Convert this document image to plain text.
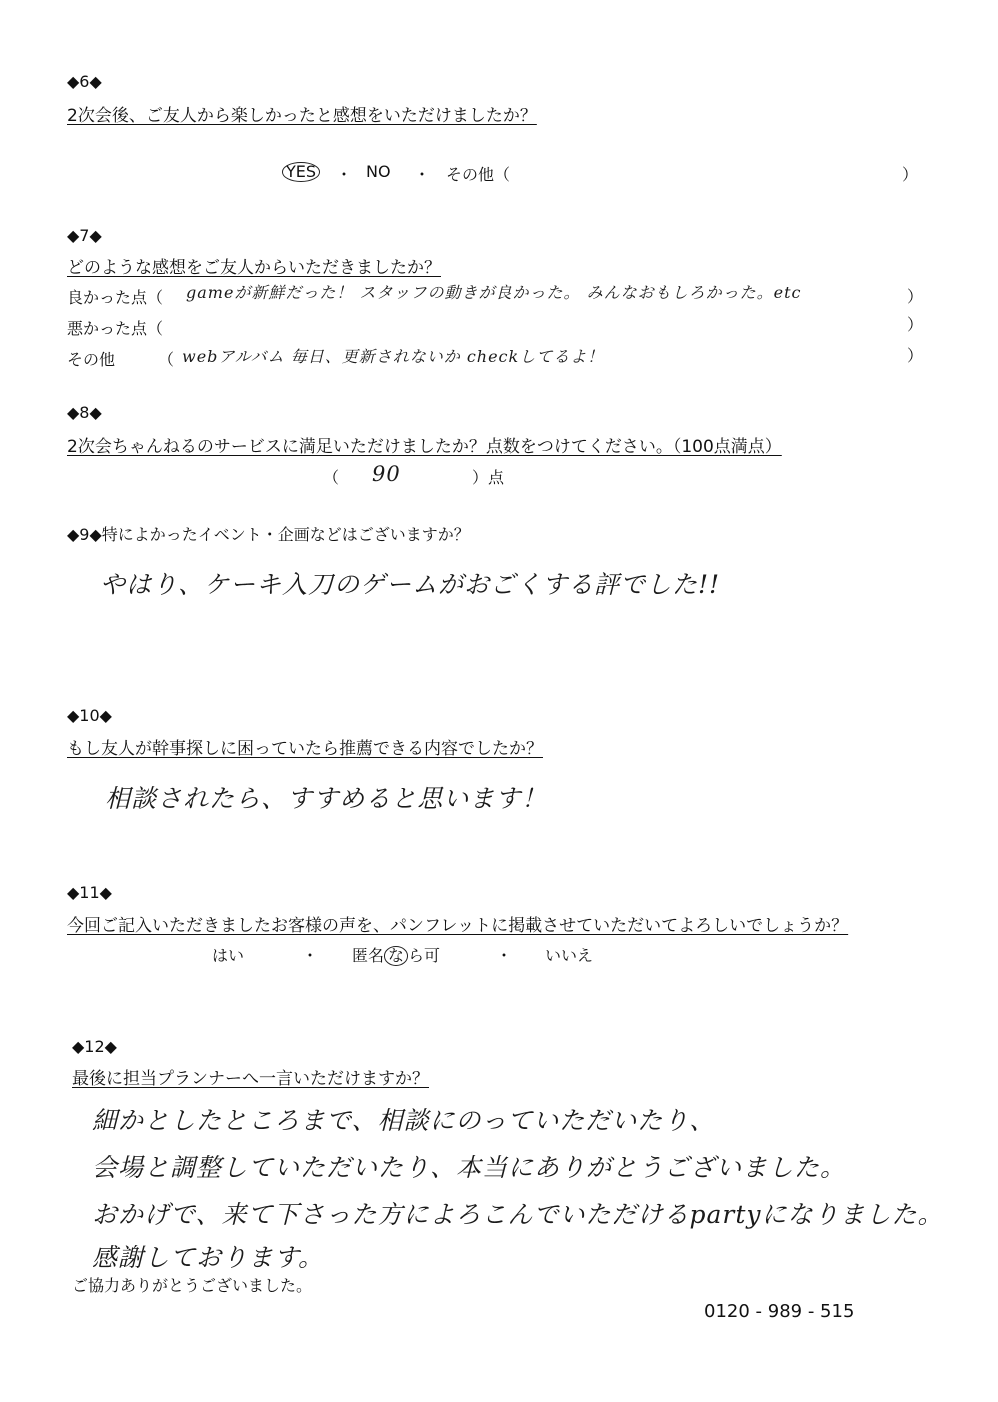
◆6◆
2次会後、ご友人から楽しかったと感想をいただけましたか？
YES ・ NO ・ その他（	）
◆7◆
どのような感想をご友人からいただきましたか？
良かった点（ gameが新鮮だった！ スタッフの動きが良かった。 みんなおもしろかった。etc	）
悪かった点（	）
その他	（ webアルバム 毎日、更新されないか checkしてるよ！	）
◆8◆
2次会ちゃんねるのサービスに満足いただけましたか？点数をつけてください。（100点満点）
（ 90	）点
◆9◆特によかったイベント・企画などはございますか？
やはり、ケーキ入刀のゲームがおごくする評でした!!
◆10◆
もし友人が幹事探しに困っていたら推薦できる内容でしたか？
相談されたら、すすめると思います！
◆11◆
今回ご記入いただきましたお客様の声を、パンフレットに掲載させていただいてよろしいでしょうか？
はい	・ 匿名 な ら可	・ いいえ
◆12◆
最後に担当プランナーへ一言いただけますか？
細かとしたところまで、相談にのっていただいたり、
会場と調整していただいたり、本当にありがとうございました。
おかげで、来て下さった方によろこんでいただけるpartyになりました。
感謝しております。
ご協力ありがとうございました。
0120 - 989 - 515
